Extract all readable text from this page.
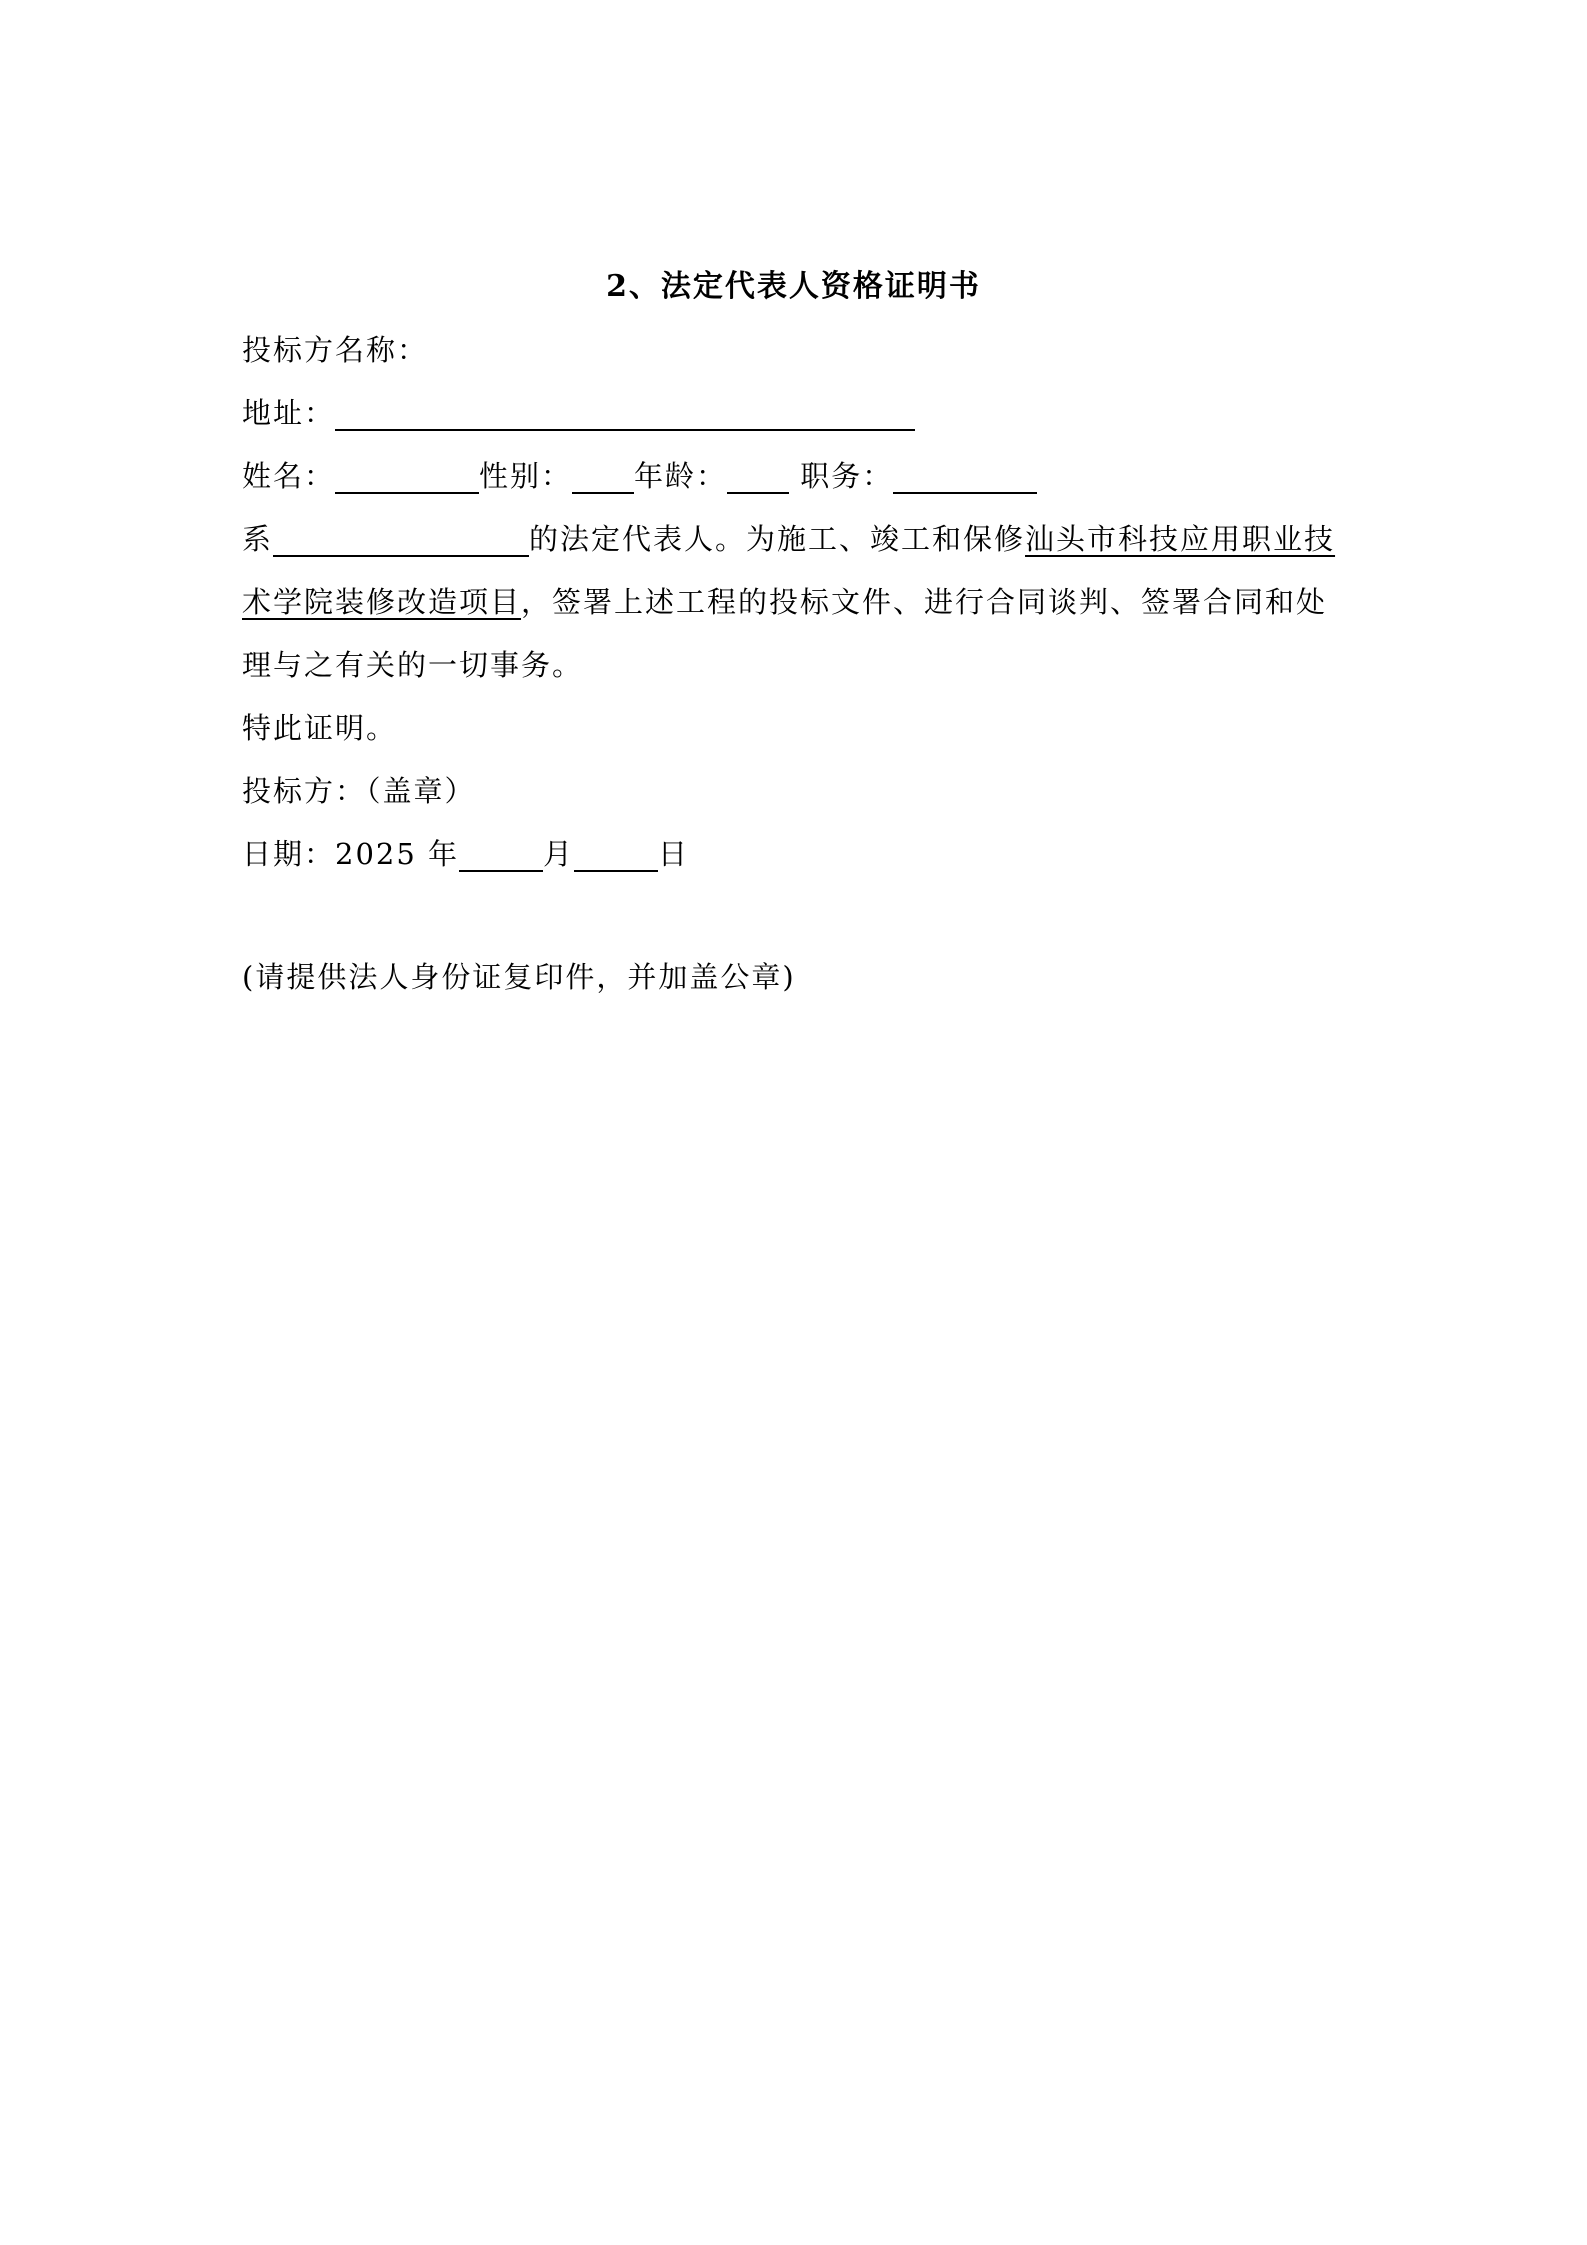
2、法定代表人资格证明书
投标方名称：
地址：
姓名：	性别： 年龄：	职务：
系	的法定代表人。为施工、竣工和保修汕头市科技应用职业技
术学院装修改造项目，签署上述工程的投标文件、进行合同谈判、签署合同和处
理与之有关的一切事务。
特此证明。
投标方：（盖章）
日期：2025 年	月	日
(请提供法人身份证复印件，并加盖公章)
